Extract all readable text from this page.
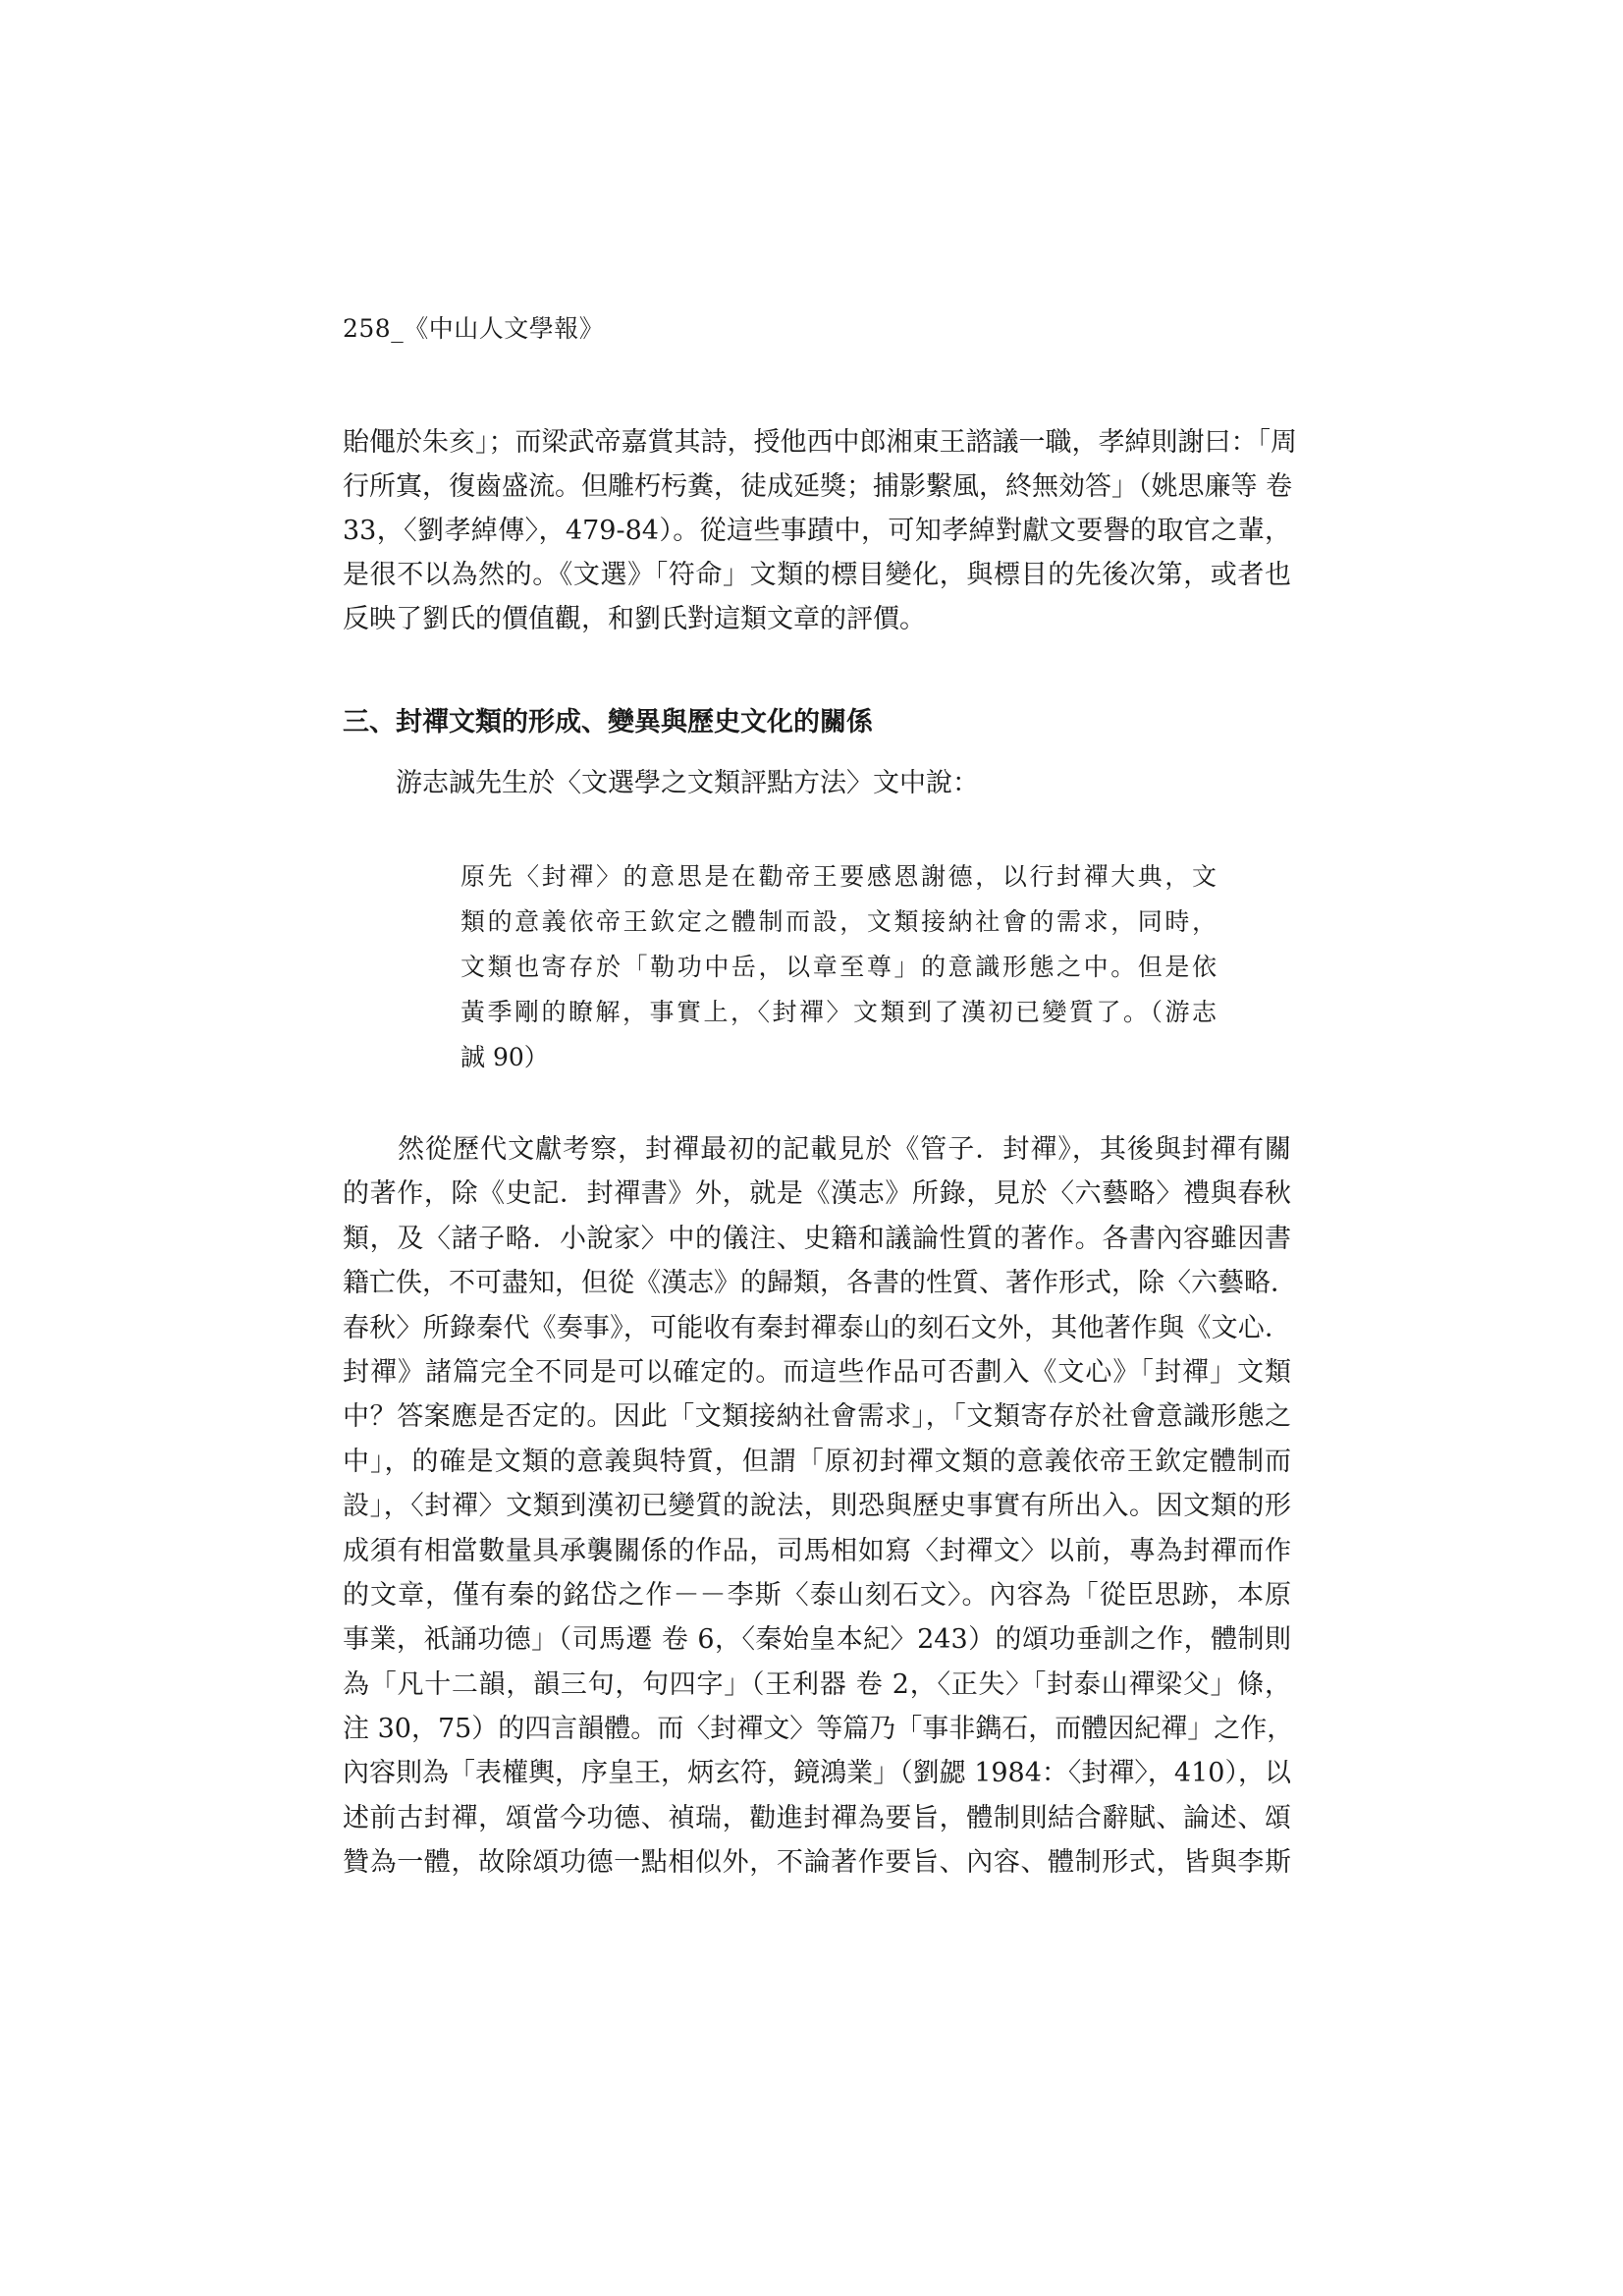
258_《中山人文學報》
貽僶於朱亥」；而梁武帝嘉賞其詩，授他西中郎湘東王諮議一職，孝綽則謝曰：「周
行所寘，復齒盛流。但雕朽杇糞，徒成延獎；捕影繫風，終無効答」（姚思廉等 卷
33，〈劉孝綽傳〉，479-84）。從這些事蹟中，可知孝綽對獻文要譽的取官之輩，
是很不以為然的。《文選》「符命」文類的標目變化，與標目的先後次第，或者也
反映了劉氏的價值觀，和劉氏對這類文章的評價。
三、封禪文類的形成、變異與歷史文化的關係
游志誠先生於〈文選學之文類評點方法〉文中說：
原先〈封禪〉的意思是在勸帝王要感恩謝德，以行封禪大典，文
類的意義依帝王欽定之體制而設，文類接納社會的需求，同時，
文類也寄存於「勒功中岳，以章至尊」的意識形態之中。但是依
黃季剛的瞭解，事實上，〈封禪〉文類到了漢初已變質了。（游志
誠 90）
　　然從歷代文獻考察，封禪最初的記載見於《管子．封禪》，其後與封禪有關
的著作，除《史記．封禪書》外，就是《漢志》所錄，見於〈六藝略〉禮與春秋
類，及〈諸子略．小說家〉中的儀注、史籍和議論性質的著作。各書內容雖因書
籍亡佚，不可盡知，但從《漢志》的歸類，各書的性質、著作形式，除〈六藝略．
春秋〉所錄秦代《奏事》，可能收有秦封禪泰山的刻石文外，其他著作與《文心．
封禪》諸篇完全不同是可以確定的。而這些作品可否劃入《文心》「封禪」文類
中？答案應是否定的。因此「文類接納社會需求」，「文類寄存於社會意識形態之
中」，的確是文類的意義與特質，但謂「原初封禪文類的意義依帝王欽定體制而
設」，〈封禪〉文類到漢初已變質的說法，則恐與歷史事實有所出入。因文類的形
成須有相當數量具承襲關係的作品，司馬相如寫〈封禪文〉以前，專為封禪而作
的文章，僅有秦的銘岱之作－－李斯〈泰山刻石文〉。內容為「從臣思跡，本原
事業，祇誦功德」（司馬遷 卷 6，〈秦始皇本紀〉243）的頌功垂訓之作，體制則
為「凡十二韻，韻三句，句四字」（王利器 卷 2，〈正失〉「封泰山禪梁父」條，
注 30，75）的四言韻體。而〈封禪文〉等篇乃「事非鐫石，而體因紀禪」之作，
內容則為「表權輿，序皇王，炳玄符，鏡鴻業」（劉勰 1984：〈封禪〉，410），以
述前古封禪，頌當今功德、禎瑞，勸進封禪為要旨，體制則結合辭賦、論述、頌
贊為一體，故除頌功德一點相似外，不論著作要旨、內容、體制形式，皆與李斯
